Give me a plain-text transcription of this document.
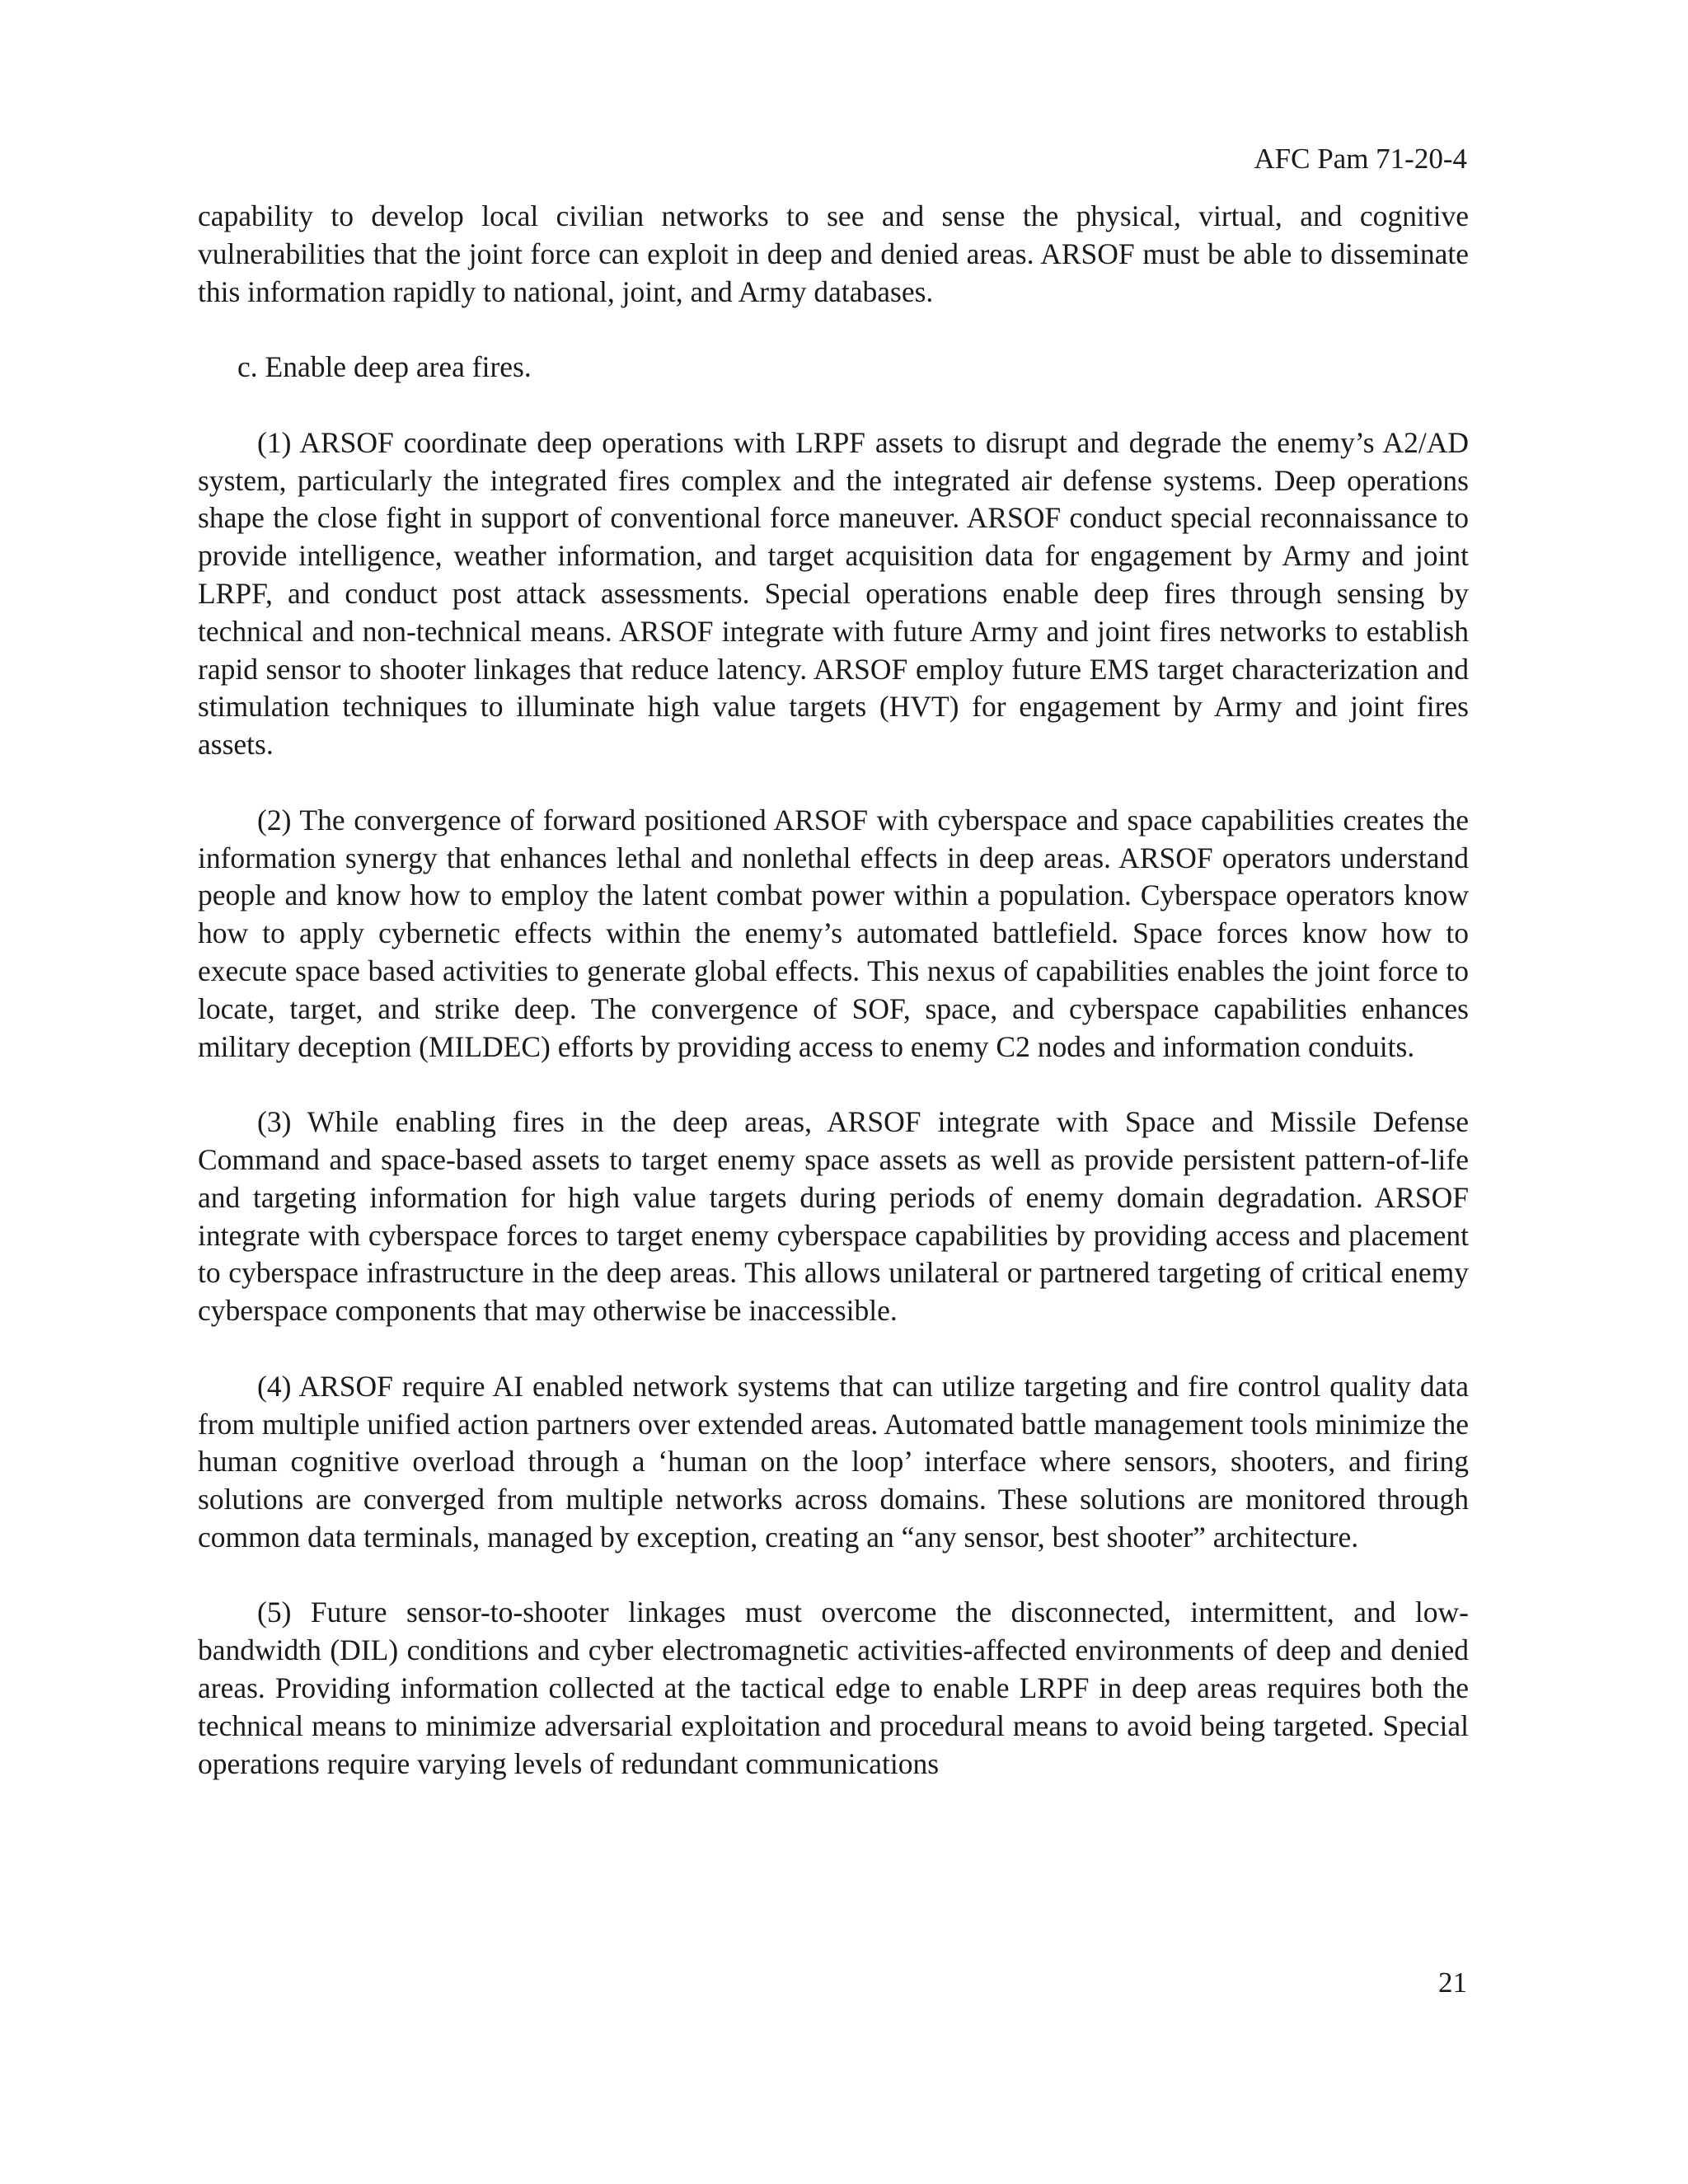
AFC Pam 71-20-4

capability to develop local civilian networks to see and sense the physical, virtual, and cognitive vulnerabilities that the joint force can exploit in deep and denied areas. ARSOF must be able to disseminate this information rapidly to national, joint, and Army databases.

c. Enable deep area fires.

(1) ARSOF coordinate deep operations with LRPF assets to disrupt and degrade the enemy’s A2/AD system, particularly the integrated fires complex and the integrated air defense systems. Deep operations shape the close fight in support of conventional force maneuver. ARSOF conduct special reconnaissance to provide intelligence, weather information, and target acquisition data for engagement by Army and joint LRPF, and conduct post attack assessments. Special operations enable deep fires through sensing by technical and non-technical means. ARSOF integrate with future Army and joint fires networks to establish rapid sensor to shooter linkages that reduce latency. ARSOF employ future EMS target characterization and stimulation techniques to illuminate high value targets (HVT) for engagement by Army and joint fires assets.

(2) The convergence of forward positioned ARSOF with cyberspace and space capabilities creates the information synergy that enhances lethal and nonlethal effects in deep areas. ARSOF operators understand people and know how to employ the latent combat power within a population. Cyberspace operators know how to apply cybernetic effects within the enemy’s automated battlefield. Space forces know how to execute space based activities to generate global effects. This nexus of capabilities enables the joint force to locate, target, and strike deep. The convergence of SOF, space, and cyberspace capabilities enhances military deception (MILDEC) efforts by providing access to enemy C2 nodes and information conduits.

(3) While enabling fires in the deep areas, ARSOF integrate with Space and Missile Defense Command and space-based assets to target enemy space assets as well as provide persistent pattern-of-life and targeting information for high value targets during periods of enemy domain degradation. ARSOF integrate with cyberspace forces to target enemy cyberspace capabilities by providing access and placement to cyberspace infrastructure in the deep areas. This allows unilateral or partnered targeting of critical enemy cyberspace components that may otherwise be inaccessible.

(4) ARSOF require AI enabled network systems that can utilize targeting and fire control quality data from multiple unified action partners over extended areas. Automated battle management tools minimize the human cognitive overload through a ‘human on the loop’ interface where sensors, shooters, and firing solutions are converged from multiple networks across domains. These solutions are monitored through common data terminals, managed by exception, creating an “any sensor, best shooter” architecture.

(5) Future sensor-to-shooter linkages must overcome the disconnected, intermittent, and low-bandwidth (DIL) conditions and cyber electromagnetic activities-affected environments of deep and denied areas. Providing information collected at the tactical edge to enable LRPF in deep areas requires both the technical means to minimize adversarial exploitation and procedural means to avoid being targeted. Special operations require varying levels of redundant communications

21
